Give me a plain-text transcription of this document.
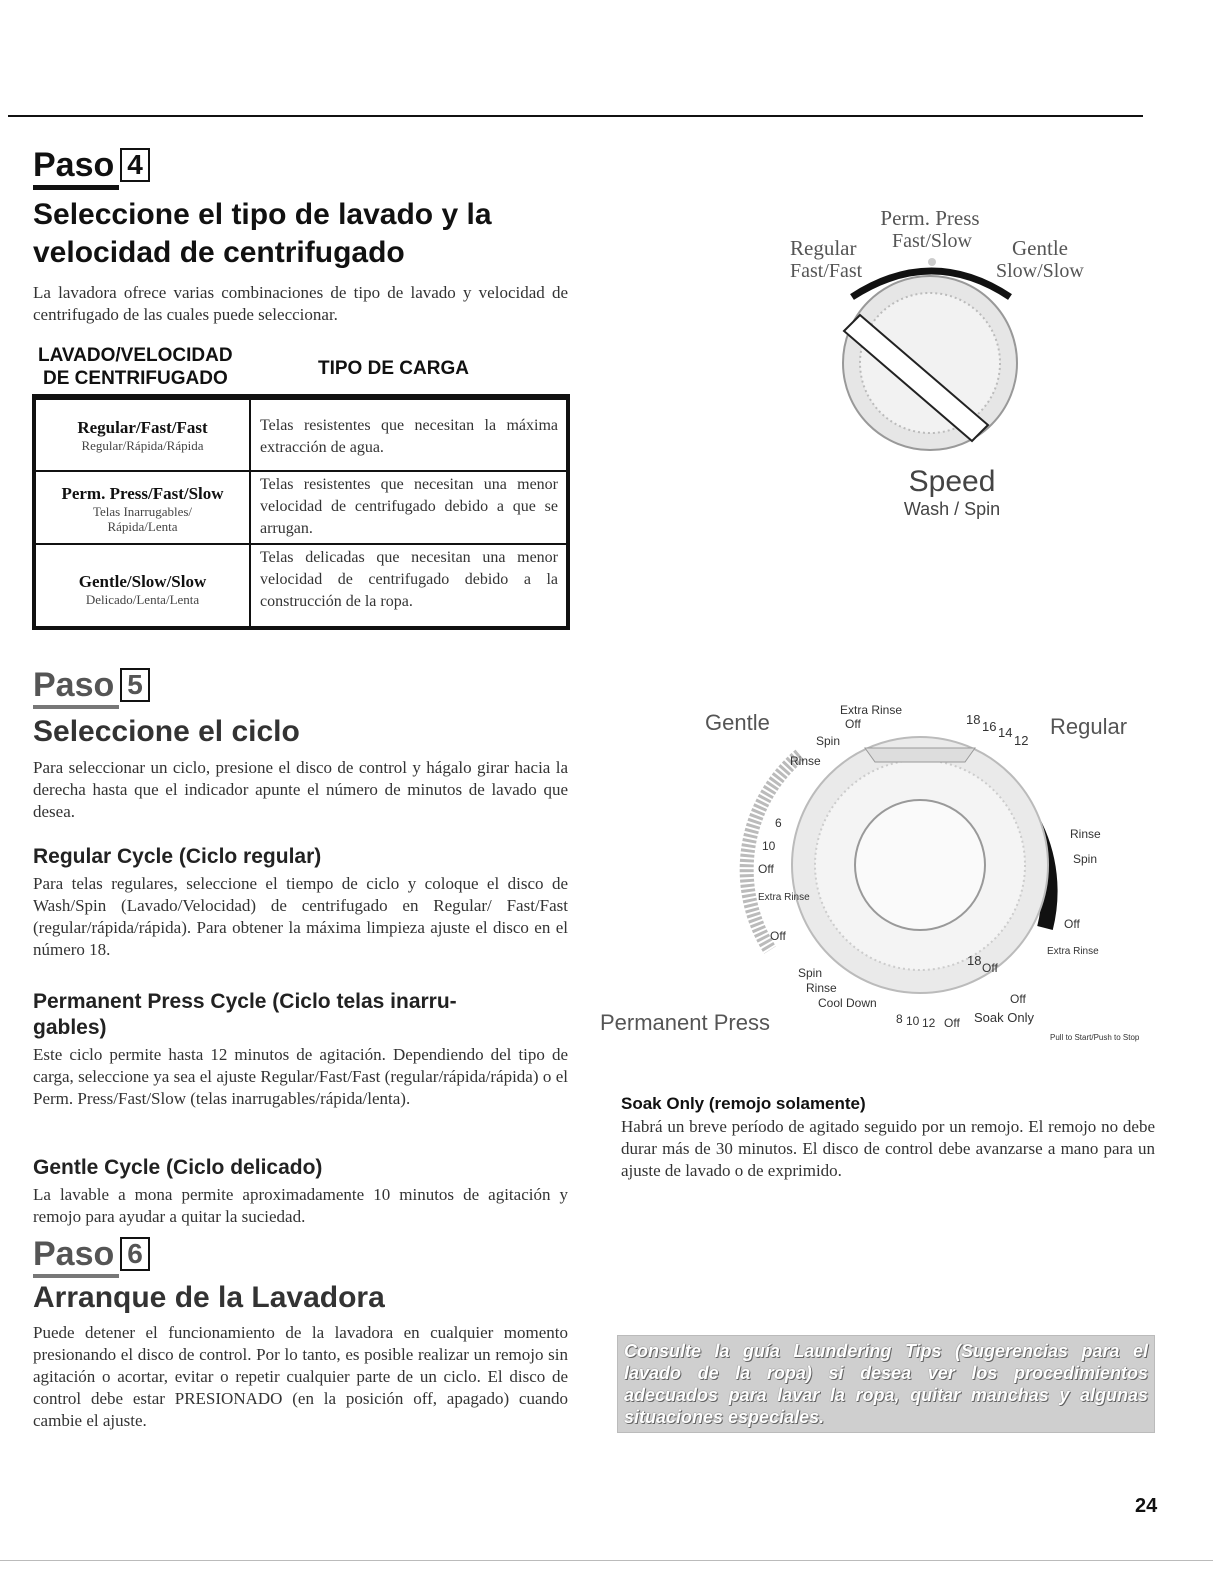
Paso 4
Seleccione el tipo de lavado y la
velocidad de centrifugado

La lavadora ofrece varias combinaciones de tipo de lavado y velocidad de centrifugado de las cuales puede seleccionar.

LAVADO/VELOCIDAD
DE CENTRIFUGADO	TIPO DE CARGA
Regular/Fast/Fast
Regular/Rápida/Rápida
Telas resistentes que necesitan la máxima extracción de agua.
Perm. Press/Fast/Slow
Telas Inarrugables/
Rápida/Lenta
Telas resistentes que necesitan una menor velocidad de centrifugado debido a que se arrugan.
Gentle/Slow/Slow
Delicado/Lenta/Lenta
Telas delicadas que necesitan una menor velocidad de centrifugado debido a la construcción de la ropa.
Perm. Press
Fast/Slow
Regular
Fast/Fast
Gentle
Slow/Slow
Speed
Wash / Spin
Paso 5
Seleccione el ciclo

Para seleccionar un ciclo, presione el disco de control y hágalo girar hacia la derecha hasta que el indicador apunte el número de minutos de lavado que desea.

Regular Cycle (Ciclo regular)

Para telas regulares, seleccione el tiempo de ciclo y coloque el disco de Wash/Spin (Lavado/Velocidad) de centrifugado en Regular/ Fast/Fast (regular/rápida/rápida). Para obtener la máxima limpieza ajuste el disco en el número 18.

Permanent Press Cycle (Ciclo telas inarru-
gables)

Este ciclo permite hasta 12 minutos de agitación. Dependiendo del tipo de carga, seleccione ya sea el ajuste Regular/Fast/Fast (regular/rápida/rápida) o el Perm. Press/Fast/Slow (telas inarrugables/rápida/lenta).

Gentle Cycle (Ciclo delicado)

La lavable a mona permite aproximadamente 10 minutos de agitación y remojo para ayudar a quitar la suciedad.

Gentle	Regular
Permanent Press
Extra Rinse
Off
Spin
Rinse
6
10
Off
Extra Rinse
Off
Spin
Rinse
Cool Down
8 10 12 Off
18 Off
Soak Only
Rinse
Spin
Off
Extra Rinse
Off
18 16 14
12
Pull to Start/Push to Stop
Soak Only (remojo solamente)

Habrá un breve período de agitado seguido por un remojo. El remojo no debe durar más de 30 minutos. El disco de control debe avanzarse a mano para un ajuste de lavado o de exprimido.

Paso 6
Arranque de la Lavadora

Puede detener el funcionamiento de la lavadora en cualquier momento presionando el disco de control. Por lo tanto, es posible realizar un remojo sin agitación o acortar, evitar o repetir cualquier parte de un ciclo. El disco de control debe estar PRESIONADO (en la posición off, apagado) cuando cambie el ajuste.

Consulte la guía Laundering Tips (Sugerencias para el lavado de la ropa) si desea ver los procedimientos adecuados para lavar la ropa, quitar manchas y algunas situaciones especiales.
24
